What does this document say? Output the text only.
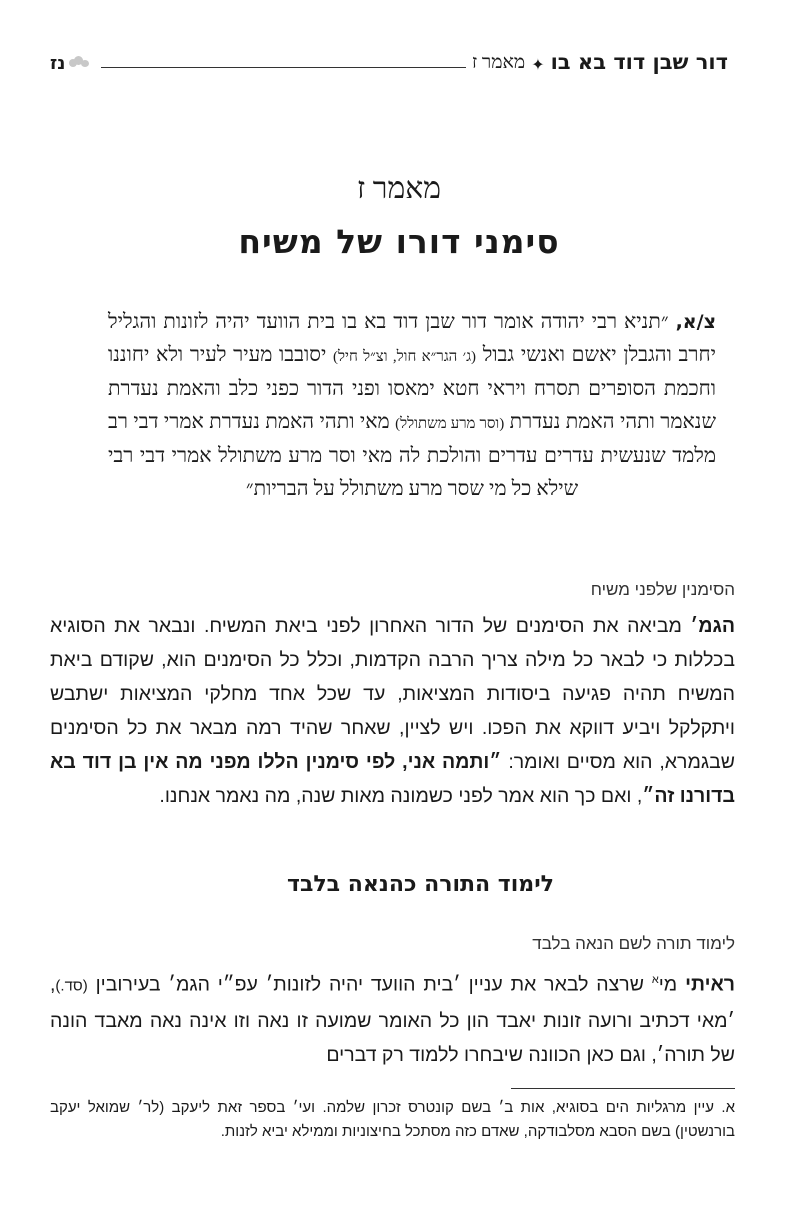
דור שבן דוד בא בו
✦
מאמר ז
נז
מאמר ז
סימני דורו של משיח
צ/א, ״תניא רבי יהודה אומר דור שבן דוד בא בו בית הוועד יהיה לזונות והגליל יחרב והגבלן יאשם ואנשי גבול (ג׳ הגר״א חול, וצ״ל חיל) יסובבו מעיר לעיר ולא יחוננו וחכמת הסופרים תסרח ויראי חטא ימאסו ופני הדור כפני כלב והאמת נעדרת שנאמר ותהי האמת נעדרת (וסר מרע משתולל) מאי ותהי האמת נעדרת אמרי דבי רב מלמד שנעשית עדרים עדרים והולכת לה מאי וסר מרע משתולל אמרי דבי רבי שילא כל מי שסר מרע משתולל על הבריות״
הסימנין שלפני משיח
הגמ׳ מביאה את הסימנים של הדור האחרון לפני ביאת המשיח. ונבאר את הסוגיא בכללות כי לבאר כל מילה צריך הרבה הקדמות, וכלל כל הסימנים הוא, שקודם ביאת המשיח תהיה פגיעה ביסודות המציאות, עד שכל אחד מחלקי המציאות ישתבש ויתקלקל ויביע דווקא את הפכו. ויש לציין, שאחר שהיד רמה מבאר את כל הסימנים שבגמרא, הוא מסיים ואומר: ״ותמה אני, לפי סימנין הללו מפני מה אין בן דוד בא בדורנו זה״, ואם כך הוא אמר לפני כשמונה מאות שנה, מה נאמר אנחנו.
לימוד התורה כהנאה בלבד
לימוד תורה לשם הנאה בלבד
ראיתי מי$^א$ שרצה לבאר את עניין ׳בית הוועד יהיה לזונות׳ עפ״י הגמ׳ בעירובין (סד.), ׳מאי דכתיב ורועה זונות יאבד הון כל האומר שמועה זו נאה וזו אינה נאה מאבד הונה של תורה׳, וגם כאן הכוונה שיבחרו ללמוד רק דברים
א. עיין מרגליות הים בסוגיא, אות ב׳ בשם קונטרס זכרון שלמה. ועי׳ בספר זאת ליעקב (לר׳ שמואל יעקב בורנשטין) בשם הסבא מסלבודקה, שאדם כזה מסתכל בחיצוניות וממילא יביא לזנות.
